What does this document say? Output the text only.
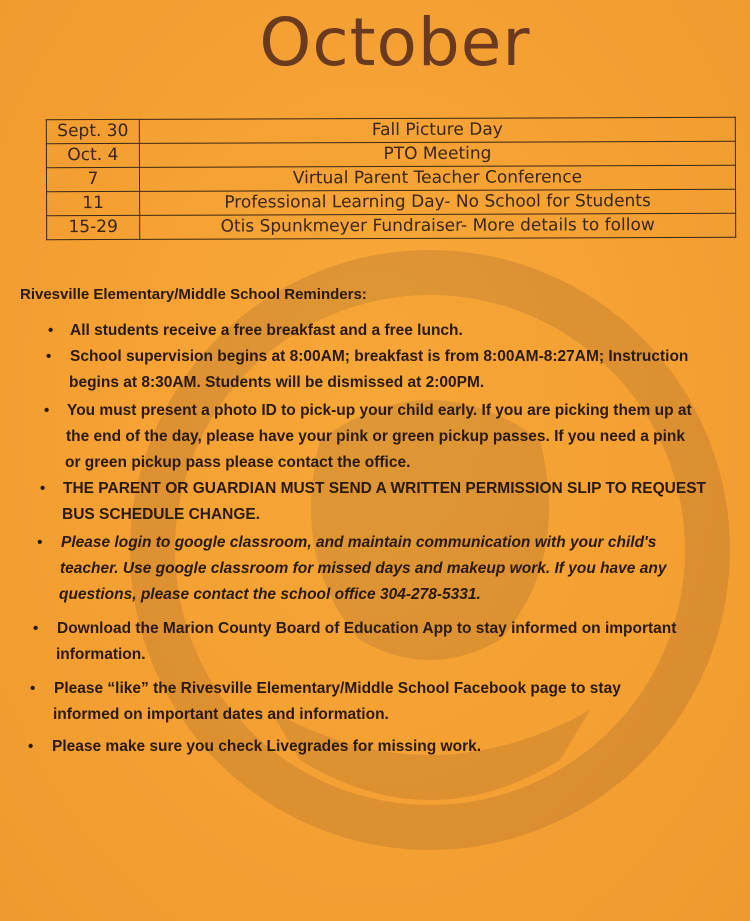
October
Sept. 30	Fall Picture Day
Oct. 4	PTO Meeting
7	Virtual Parent Teacher Conference
11	Professional Learning Day- No School for Students
15-29	Otis Spunkmeyer Fundraiser- More details to follow

Rivesville Elementary/Middle School Reminders:

• All students receive a free breakfast and a free lunch.
• School supervision begins at 8:00AM; breakfast is from 8:00AM-8:27AM; Instruction
begins at 8:30AM. Students will be dismissed at 2:00PM.
• You must present a photo ID to pick-up your child early. If you are picking them up at
the end of the day, please have your pink or green pickup passes. If you need a pink
or green pickup pass please contact the office.
• THE PARENT OR GUARDIAN MUST SEND A WRITTEN PERMISSION SLIP TO REQUEST
BUS SCHEDULE CHANGE.
• Please login to google classroom, and maintain communication with your child's
teacher. Use google classroom for missed days and makeup work. If you have any
questions, please contact the school office 304-278-5331.
• Download the Marion County Board of Education App to stay informed on important
information.
• Please “like” the Rivesville Elementary/Middle School Facebook page to stay
informed on important dates and information.
• Please make sure you check Livegrades for missing work.
